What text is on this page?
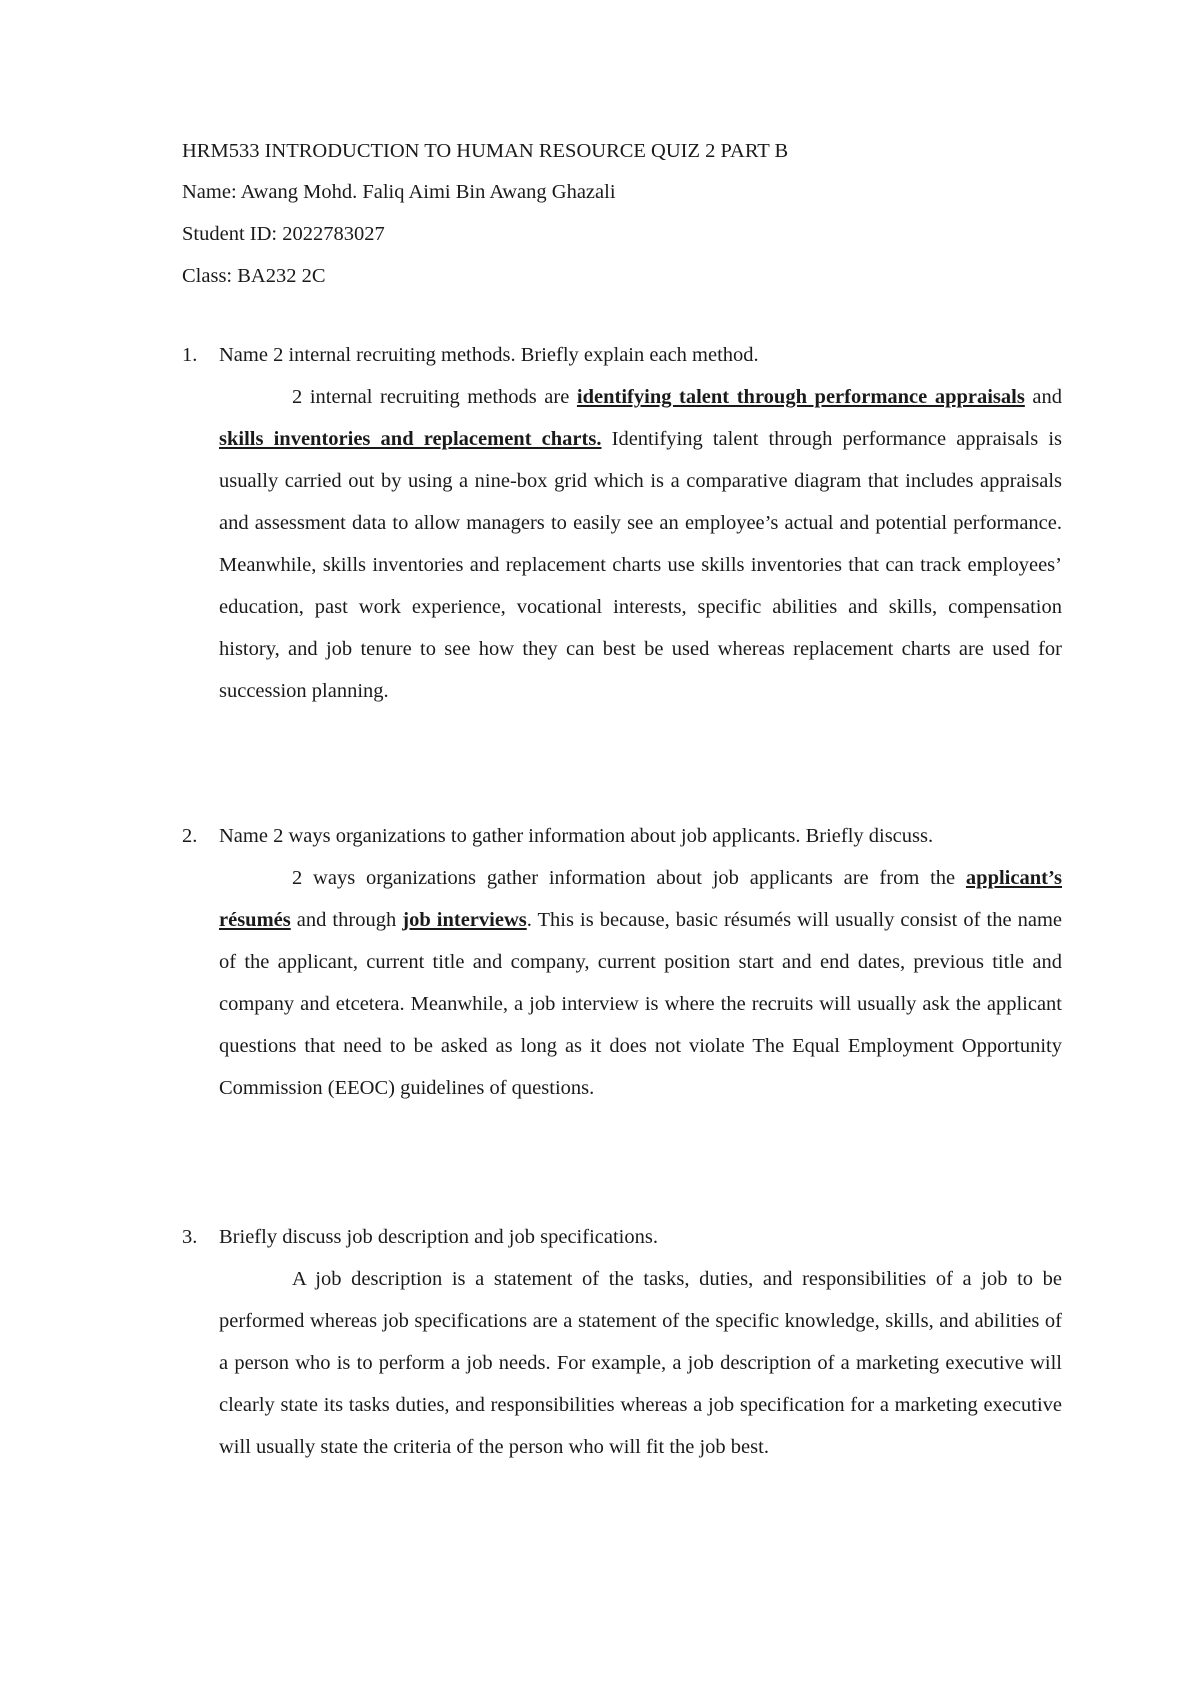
HRM533 INTRODUCTION TO HUMAN RESOURCE QUIZ 2 PART B
Name: Awang Mohd. Faliq Aimi Bin Awang Ghazali
Student ID: 2022783027
Class: BA232 2C
1. Name 2 internal recruiting methods. Briefly explain each method.
2 internal recruiting methods are identifying talent through performance appraisals and skills inventories and replacement charts. Identifying talent through performance appraisals is usually carried out by using a nine-box grid which is a comparative diagram that includes appraisals and assessment data to allow managers to easily see an employee’s actual and potential performance. Meanwhile, skills inventories and replacement charts use skills inventories that can track employees’ education, past work experience, vocational interests, specific abilities and skills, compensation history, and job tenure to see how they can best be used whereas replacement charts are used for succession planning.
2. Name 2 ways organizations to gather information about job applicants. Briefly discuss.
2 ways organizations gather information about job applicants are from the applicant’s résumés and through job interviews. This is because, basic résumés will usually consist of the name of the applicant, current title and company, current position start and end dates, previous title and company and etcetera. Meanwhile, a job interview is where the recruits will usually ask the applicant questions that need to be asked as long as it does not violate The Equal Employment Opportunity Commission (EEOC) guidelines of questions.
3. Briefly discuss job description and job specifications.
A job description is a statement of the tasks, duties, and responsibilities of a job to be performed whereas job specifications are a statement of the specific knowledge, skills, and abilities of a person who is to perform a job needs. For example, a job description of a marketing executive will clearly state its tasks duties, and responsibilities whereas a job specification for a marketing executive will usually state the criteria of the person who will fit the job best.
